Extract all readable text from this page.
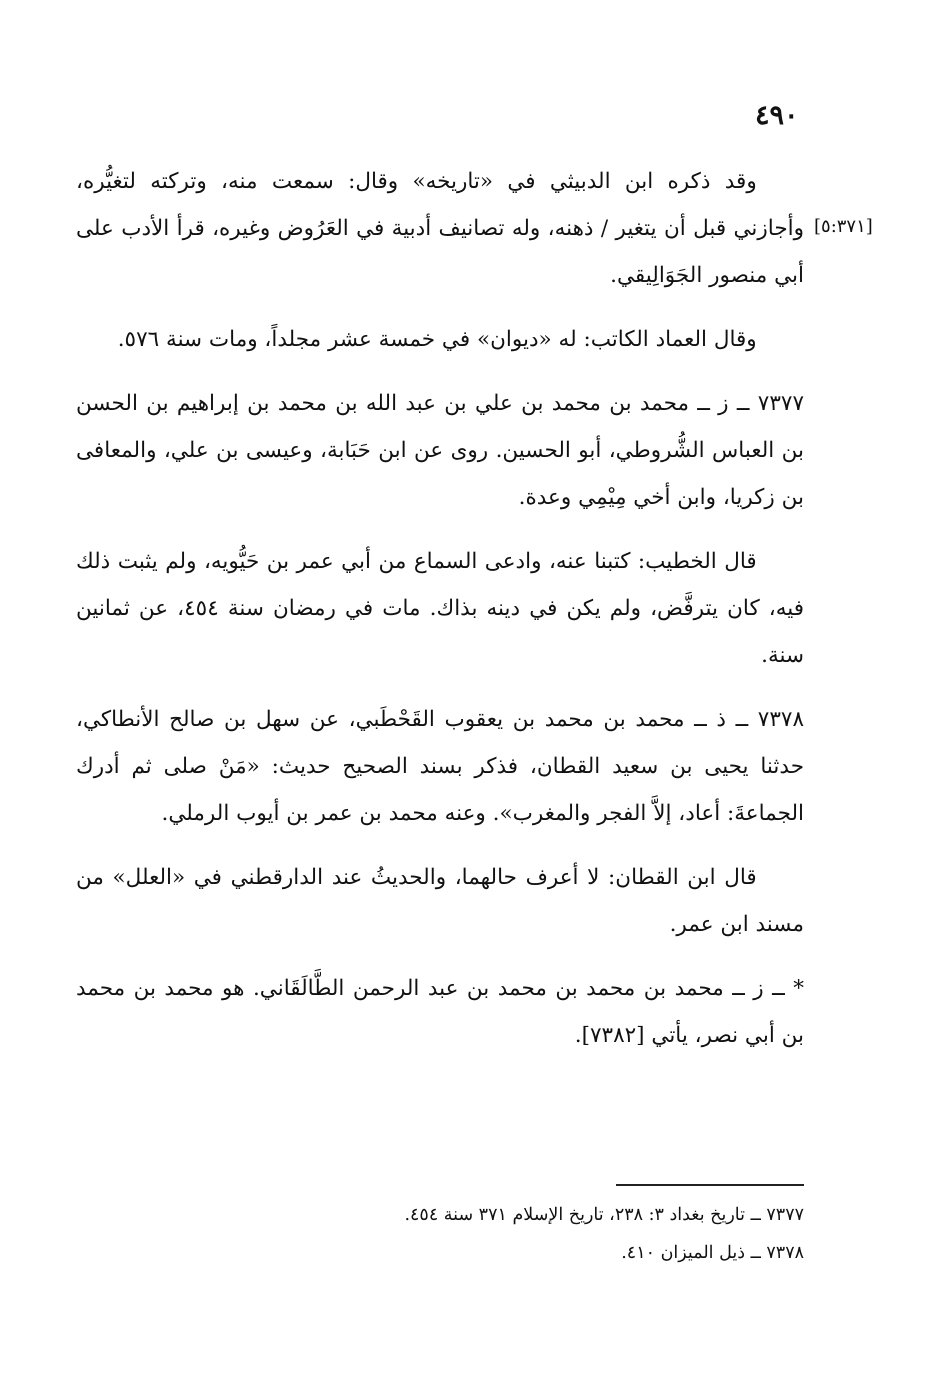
٤٩٠
[٥:٣٧١]

وقد ذكره ابن الدبيثي في «تاريخه» وقال: سمعت منه، وتركته لتغيُّره، وأجازني قبل أن يتغير / ذهنه، وله تصانيف أدبية في العَرُوض وغيره، قرأ الأدب على أبي منصور الجَوَالِيقي.

وقال العماد الكاتب: له «ديوان» في خمسة عشر مجلداً، ومات سنة ٥٧٦.

٧٣٧٧ ــ ز ــ محمد بن محمد بن علي بن عبد الله بن محمد بن إبراهيم بن الحسن بن العباس الشُّروطي، أبو الحسين. روى عن ابن حَبَابة، وعيسى بن علي، والمعافى بن زكريا، وابن أخي مِيْمِي وعدة.

قال الخطيب: كتبنا عنه، وادعى السماع من أبي عمر بن حَيُّويه، ولم يثبت ذلك فيه، كان يترفَّض، ولم يكن في دينه بذاك. مات في رمضان سنة ٤٥٤، عن ثمانين سنة.

٧٣٧٨ ــ ذ ــ محمد بن محمد بن يعقوب القَحْطَبي، عن سهل بن صالح الأنطاكي، حدثنا يحيى بن سعيد القطان، فذكر بسند الصحيح حديث: «مَنْ صلى ثم أدرك الجماعةَ: أعاد، إلاَّ الفجر والمغرب». وعنه محمد بن عمر بن أيوب الرملي.

قال ابن القطان: لا أعرف حالهما، والحديثُ عند الدارقطني في «العلل» من مسند ابن عمر.

* ــ ز ــ محمد بن محمد بن محمد بن عبد الرحمن الطَّالَقَاني. هو محمد بن محمد بن أبي نصر، يأتي [٧٣٨٢].

٧٣٧٧ ــ تاريخ بغداد ٣: ٢٣٨، تاريخ الإسلام ٣٧١ سنة ٤٥٤.
٧٣٧٨ ــ ذيل الميزان ٤١٠.
